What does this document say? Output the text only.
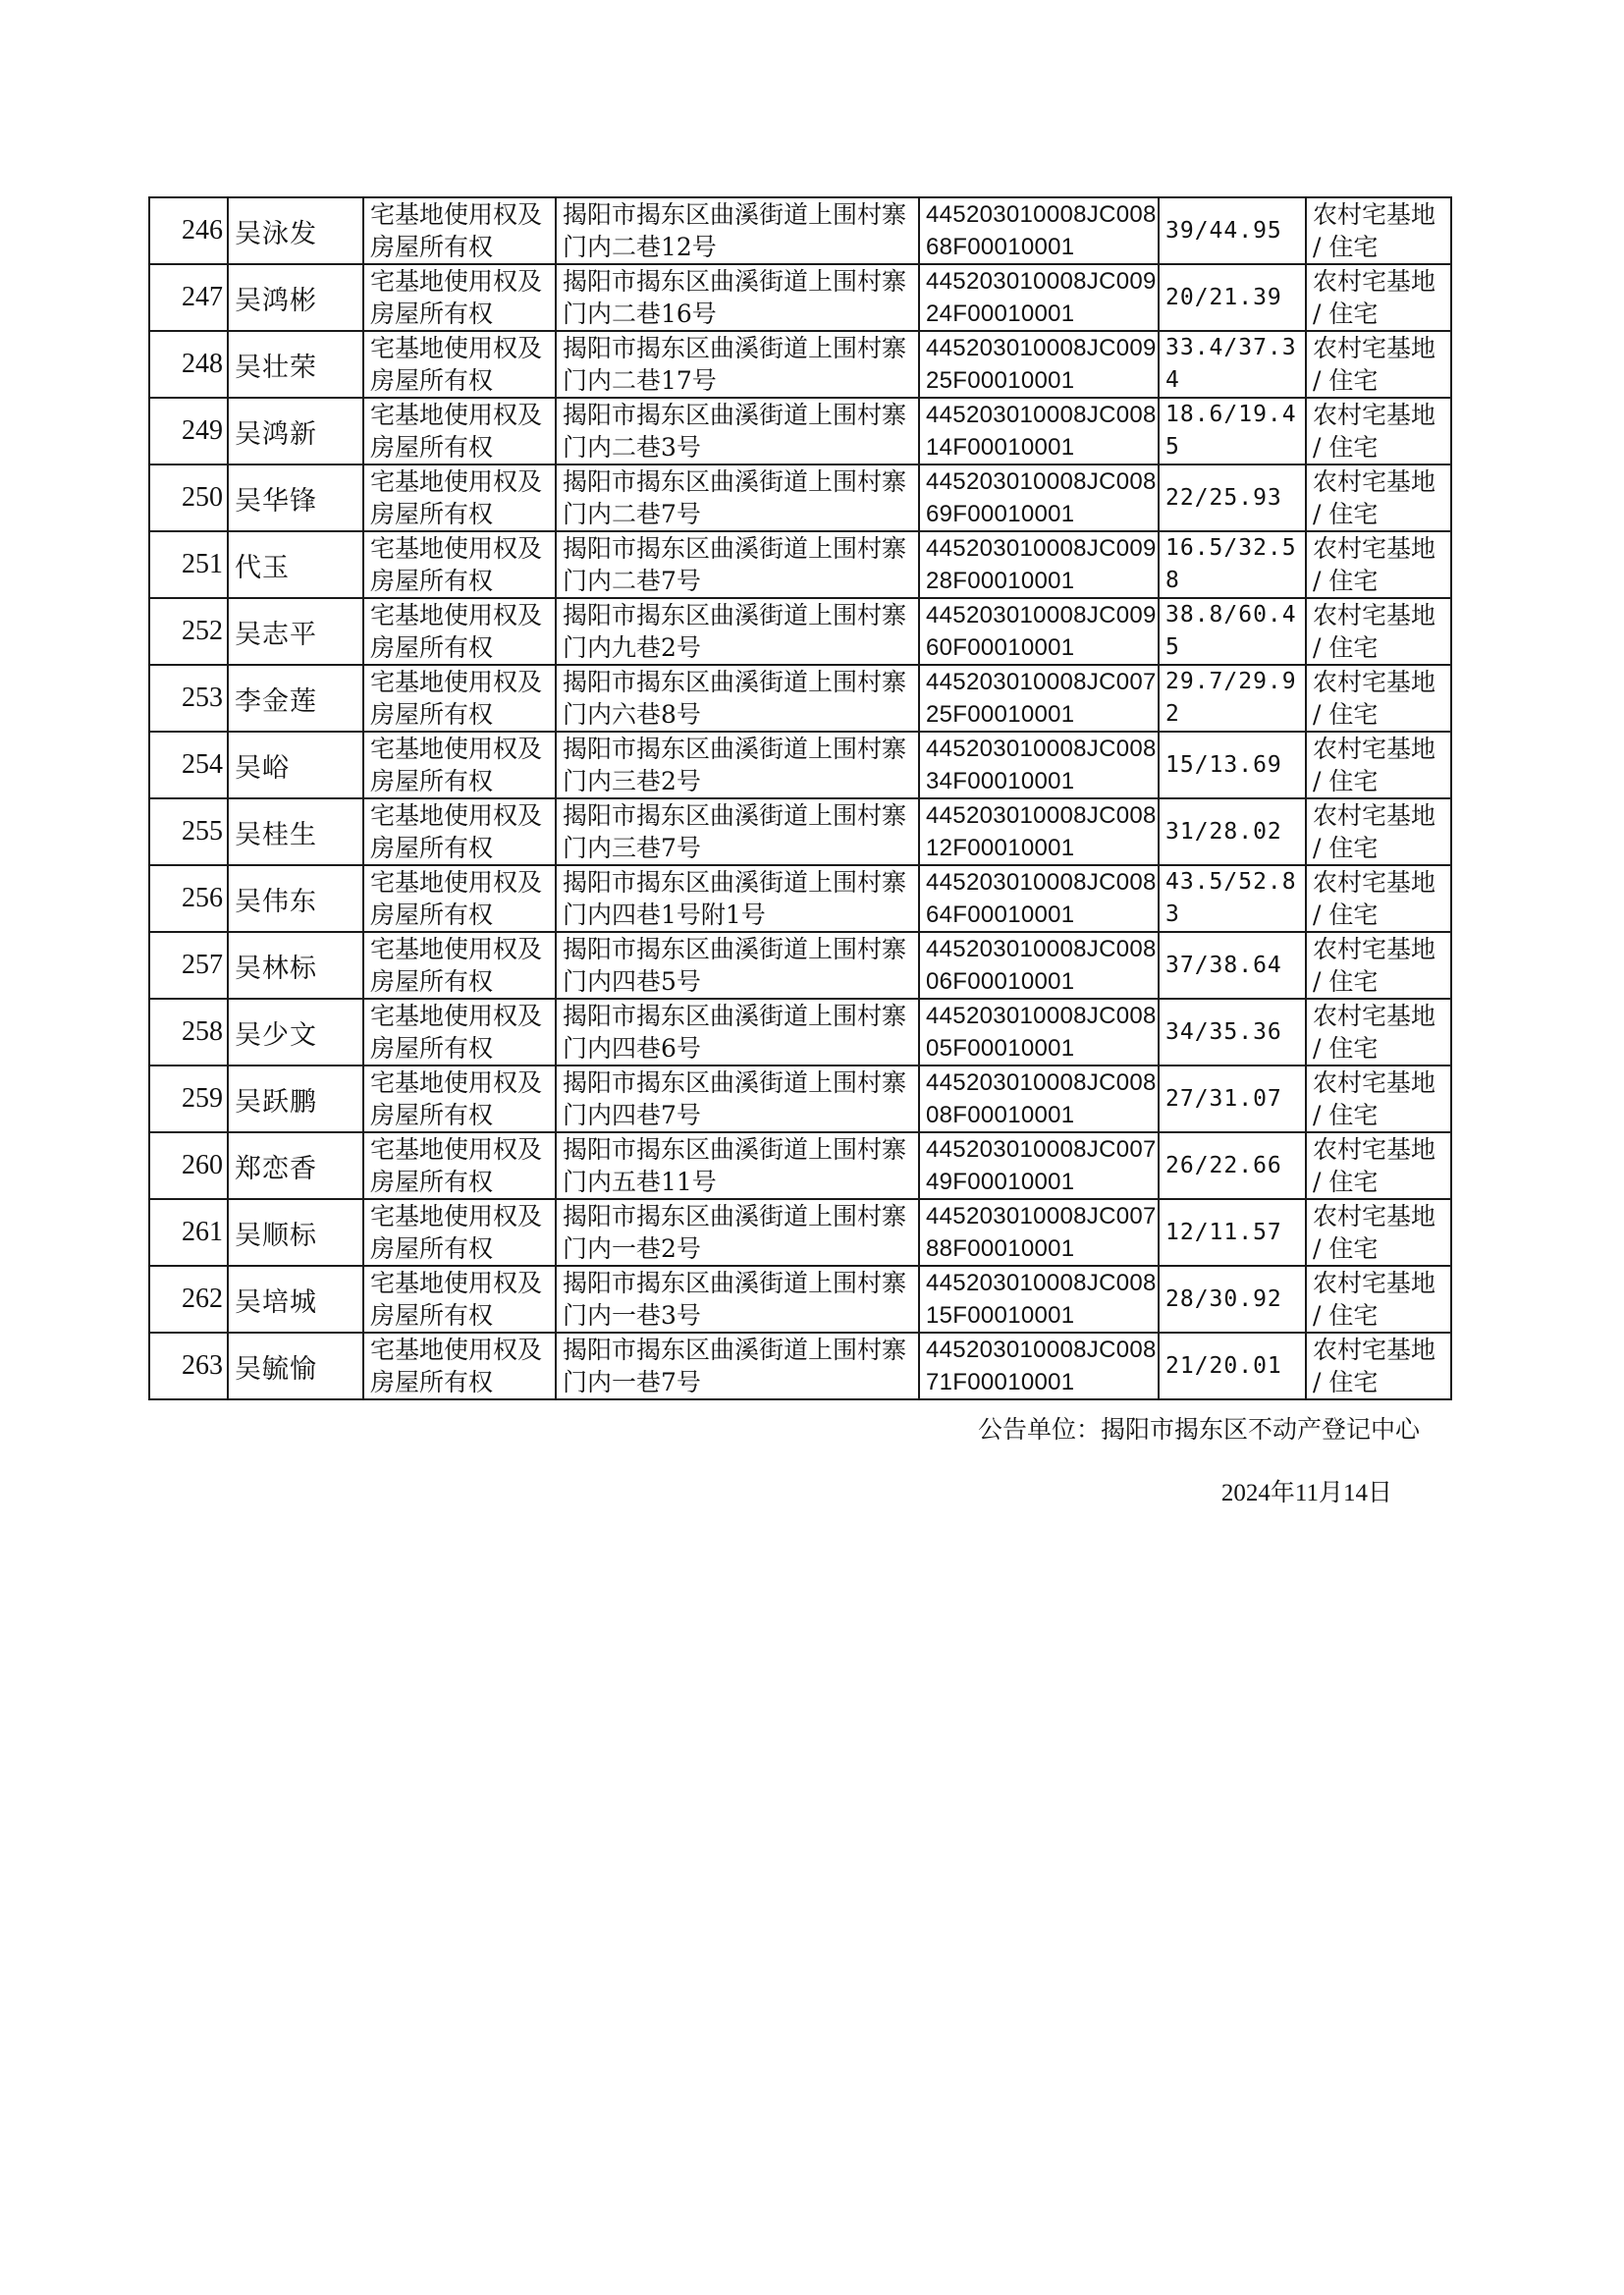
246	吴泳发	宅基地使用权及房屋所有权	揭阳市揭东区曲溪街道上围村寨门内二巷12号	445203010008JC00868F00010001	39/44.95	农村宅基地 / 住宅

247	吴鸿彬	宅基地使用权及房屋所有权	揭阳市揭东区曲溪街道上围村寨门内二巷16号	445203010008JC00924F00010001	20/21.39	农村宅基地 / 住宅

248	吴壮荣	宅基地使用权及房屋所有权	揭阳市揭东区曲溪街道上围村寨门内二巷17号	445203010008JC00925F00010001	33.4/37.34	农村宅基地 / 住宅

249	吴鸿新	宅基地使用权及房屋所有权	揭阳市揭东区曲溪街道上围村寨门内二巷3号	445203010008JC00814F00010001	18.6/19.45	农村宅基地 / 住宅

250	吴华锋	宅基地使用权及房屋所有权	揭阳市揭东区曲溪街道上围村寨门内二巷7号	445203010008JC00869F00010001	22/25.93	农村宅基地 / 住宅

251	代玉	宅基地使用权及房屋所有权	揭阳市揭东区曲溪街道上围村寨门内二巷7号	445203010008JC00928F00010001	16.5/32.58	农村宅基地 / 住宅

252	吴志平	宅基地使用权及房屋所有权	揭阳市揭东区曲溪街道上围村寨门内九巷2号	445203010008JC00960F00010001	38.8/60.45	农村宅基地 / 住宅

253	李金莲	宅基地使用权及房屋所有权	揭阳市揭东区曲溪街道上围村寨门内六巷8号	445203010008JC00725F00010001	29.7/29.92	农村宅基地 / 住宅

254	吴峪	宅基地使用权及房屋所有权	揭阳市揭东区曲溪街道上围村寨门内三巷2号	445203010008JC00834F00010001	15/13.69	农村宅基地 / 住宅

255	吴桂生	宅基地使用权及房屋所有权	揭阳市揭东区曲溪街道上围村寨门内三巷7号	445203010008JC00812F00010001	31/28.02	农村宅基地 / 住宅

256	吴伟东	宅基地使用权及房屋所有权	揭阳市揭东区曲溪街道上围村寨门内四巷1号附1号	445203010008JC00864F00010001	43.5/52.83	农村宅基地 / 住宅

257	吴林标	宅基地使用权及房屋所有权	揭阳市揭东区曲溪街道上围村寨门内四巷5号	445203010008JC00806F00010001	37/38.64	农村宅基地 / 住宅

258	吴少文	宅基地使用权及房屋所有权	揭阳市揭东区曲溪街道上围村寨门内四巷6号	445203010008JC00805F00010001	34/35.36	农村宅基地 / 住宅

259	吴跃鹏	宅基地使用权及房屋所有权	揭阳市揭东区曲溪街道上围村寨门内四巷7号	445203010008JC00808F00010001	27/31.07	农村宅基地 / 住宅

260	郑恋香	宅基地使用权及房屋所有权	揭阳市揭东区曲溪街道上围村寨门内五巷11号	445203010008JC00749F00010001	26/22.66	农村宅基地 / 住宅

261	吴顺标	宅基地使用权及房屋所有权	揭阳市揭东区曲溪街道上围村寨门内一巷2号	445203010008JC00788F00010001	12/11.57	农村宅基地 / 住宅

262	吴培城	宅基地使用权及房屋所有权	揭阳市揭东区曲溪街道上围村寨门内一巷3号	445203010008JC00815F00010001	28/30.92	农村宅基地 / 住宅

263	吴毓愉	宅基地使用权及房屋所有权	揭阳市揭东区曲溪街道上围村寨门内一巷7号	445203010008JC00871F00010001	21/20.01	农村宅基地 / 住宅
公告单位：揭阳市揭东区不动产登记中心
2024年11月14日
